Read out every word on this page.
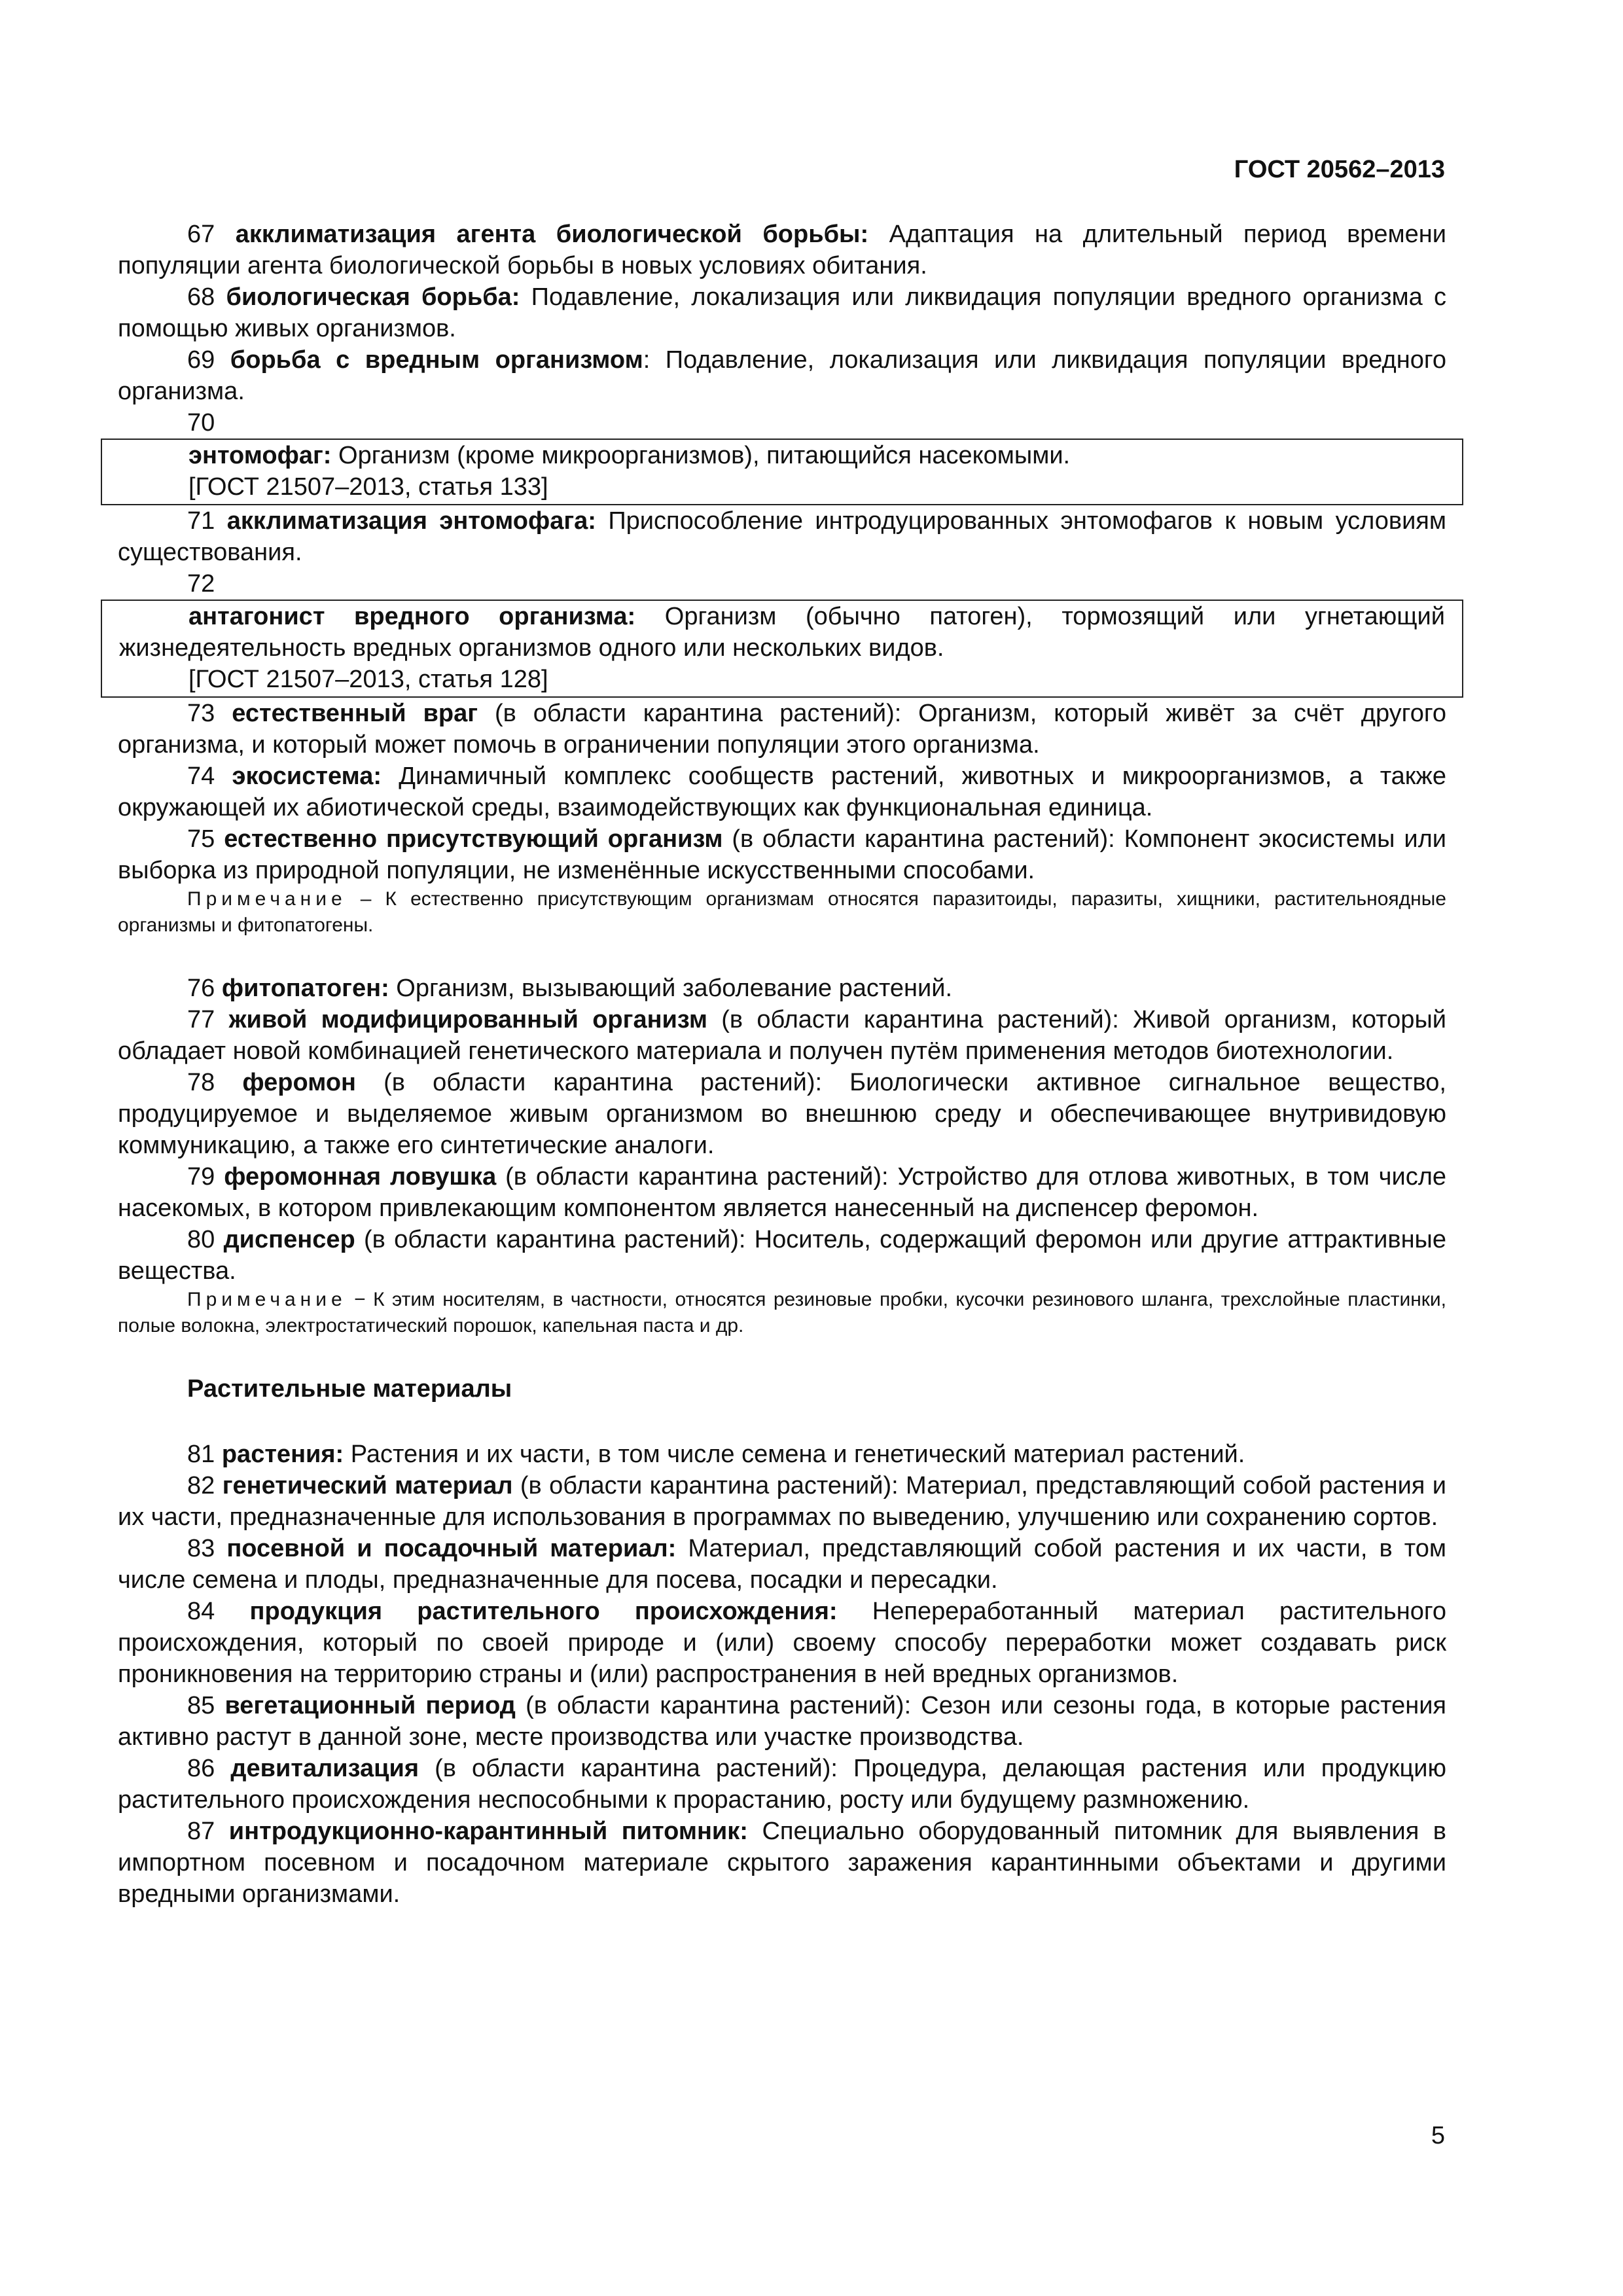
ГОСТ 20562–2013

67 акклиматизация агента биологической борьбы: Адаптация на длительный период времени популяции агента биологической борьбы в новых условиях обитания.

68 биологическая борьба: Подавление, локализация или ликвидация популяции вредного организма с помощью живых организмов.

69 борьба с вредным организмом: Подавление, локализация или ликвидация популяции вредного организма.

70

энтомофаг: Организм (кроме микроорганизмов), питающийся насекомыми.

[ГОСТ 21507–2013, статья 133]

71 акклиматизация энтомофага: Приспособление интродуцированных энтомофагов к новым условиям существования.

72

антагонист вредного организма: Организм (обычно патоген), тормозящий или угнетающий жизнедеятельность вредных организмов одного или нескольких видов.

[ГОСТ 21507–2013, статья 128]

73 естественный враг (в области карантина растений): Организм, который живёт за счёт другого организма, и который может помочь в ограничении популяции этого организма.

74 экосистема: Динамичный комплекс сообществ растений, животных и микроорганизмов, а также окружающей их абиотической среды, взаимодействующих как функциональная единица.

75 естественно присутствующий организм (в области карантина растений): Компонент экосистемы или выборка из природной популяции, не изменённые искусственными способами.

Примечание – К естественно присутствующим организмам относятся паразитоиды, паразиты, хищники, растительноядные организмы и фитопатогены.

76 фитопатоген: Организм, вызывающий заболевание растений.

77 живой модифицированный организм (в области карантина растений): Живой организм, который обладает новой комбинацией генетического материала и получен путём применения методов биотехнологии.

78 феромон (в области карантина растений): Биологически активное сигнальное вещество, продуцируемое и выделяемое живым организмом во внешнюю среду и обеспечивающее внутривидовую коммуникацию, а также его синтетические аналоги.

79 феромонная ловушка (в области карантина растений): Устройство для отлова животных, в том числе насекомых, в котором привлекающим компонентом является нанесенный на диспенсер феромон.

80 диспенсер (в области карантина растений): Носитель, содержащий феромон или другие аттрактивные вещества.

Примечание − К этим носителям, в частности, относятся резиновые пробки, кусочки резинового шланга, трехслойные пластинки, полые волокна, электростатический порошок, капельная паста и др.

Растительные материалы

81 растения: Растения и их части, в том числе семена и генетический материал растений.

82 генетический материал (в области карантина растений): Материал, представляющий собой растения и их части, предназначенные для использования в программах по выведению, улучшению или сохранению сортов.

83 посевной и посадочный материал: Материал, представляющий собой растения и их части, в том числе семена и плоды, предназначенные для посева, посадки и пересадки.

84 продукция растительного происхождения: Непереработанный материал растительного происхождения, который по своей природе и (или) своему способу переработки может создавать риск проникновения на территорию страны и (или) распространения в ней вредных организмов.

85 вегетационный период (в области карантина растений): Сезон или сезоны года, в которые растения активно растут в данной зоне, месте производства или участке производства.

86 девитализация (в области карантина растений): Процедура, делающая растения или продукцию растительного происхождения неспособными к прорастанию, росту или будущему размножению.

87 интродукционно-карантинный питомник: Специально оборудованный питомник для выявления в импортном посевном и посадочном материале скрытого заражения карантинными объектами и другими вредными организмами.

5
